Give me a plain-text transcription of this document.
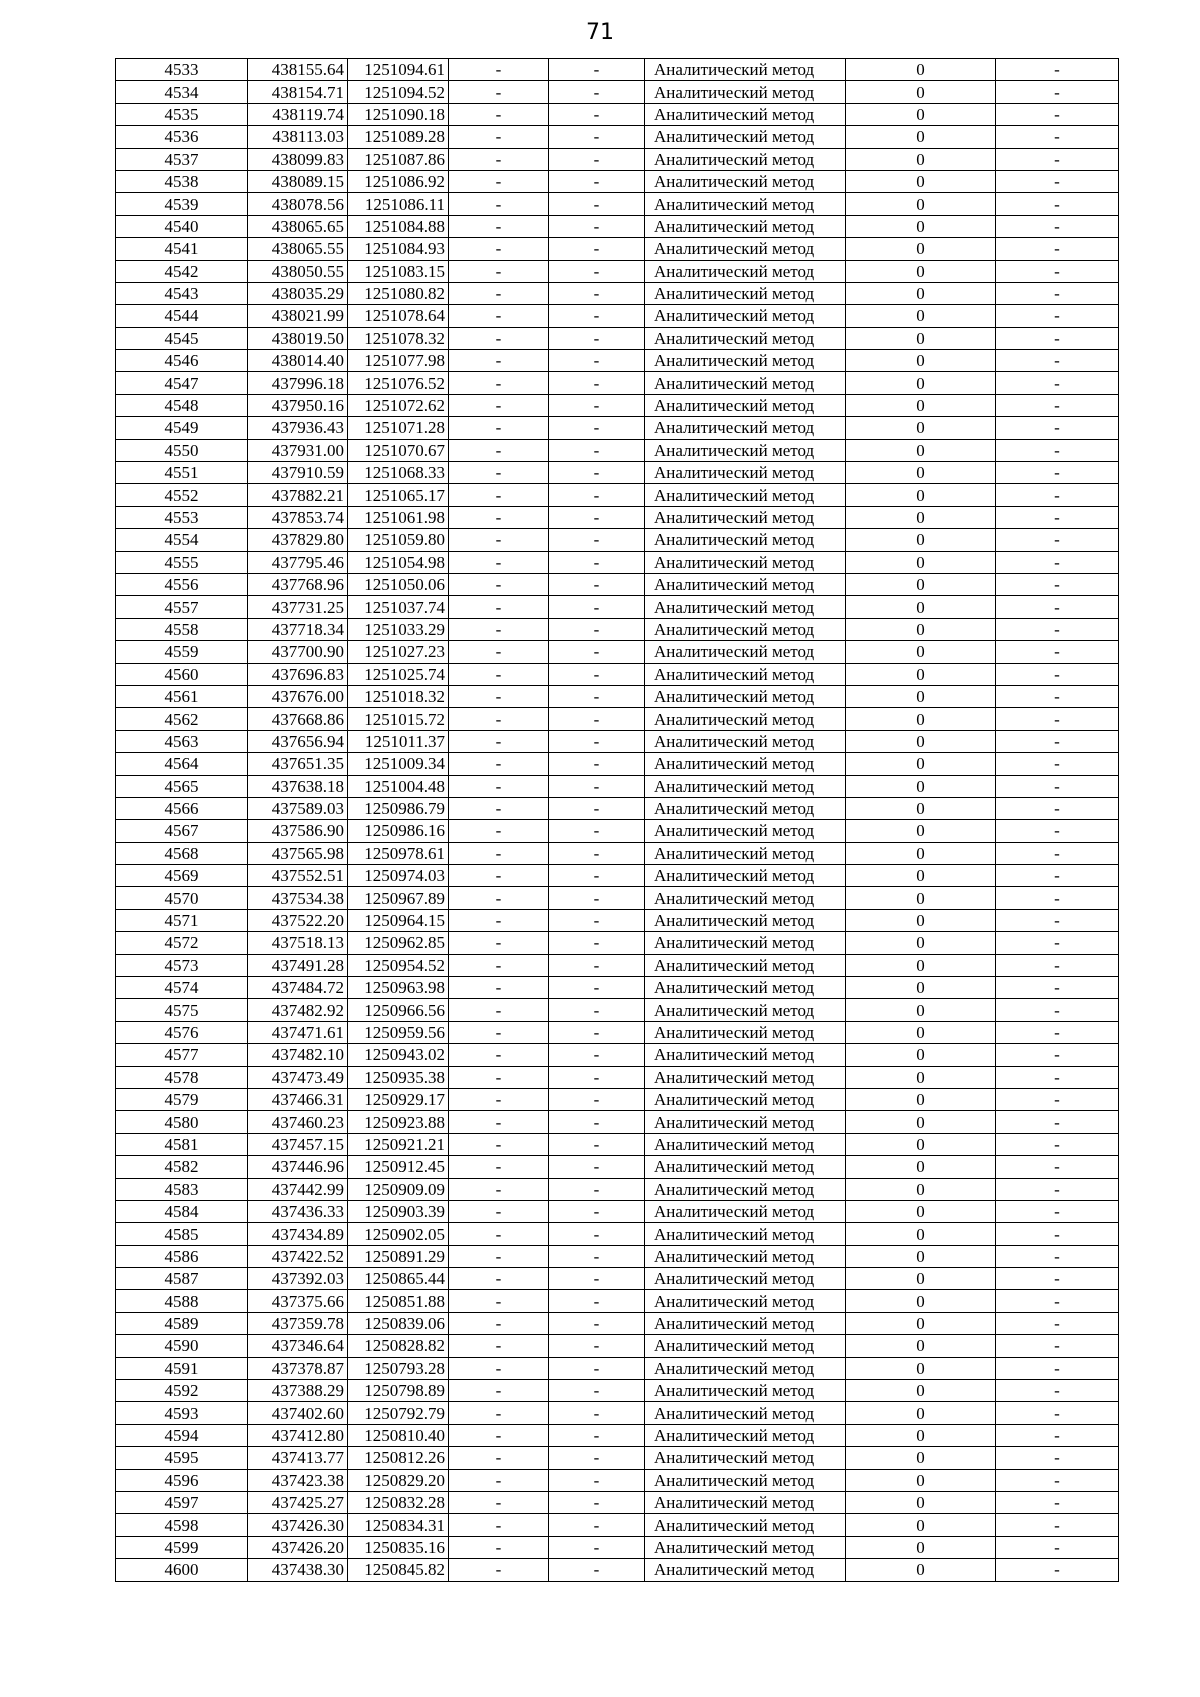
71
4533	438155.64	1251094.61	-	-	Аналитический метод	0	-
4534	438154.71	1251094.52	-	-	Аналитический метод	0	-
4535	438119.74	1251090.18	-	-	Аналитический метод	0	-
4536	438113.03	1251089.28	-	-	Аналитический метод	0	-
4537	438099.83	1251087.86	-	-	Аналитический метод	0	-
4538	438089.15	1251086.92	-	-	Аналитический метод	0	-
4539	438078.56	1251086.11	-	-	Аналитический метод	0	-
4540	438065.65	1251084.88	-	-	Аналитический метод	0	-
4541	438065.55	1251084.93	-	-	Аналитический метод	0	-
4542	438050.55	1251083.15	-	-	Аналитический метод	0	-
4543	438035.29	1251080.82	-	-	Аналитический метод	0	-
4544	438021.99	1251078.64	-	-	Аналитический метод	0	-
4545	438019.50	1251078.32	-	-	Аналитический метод	0	-
4546	438014.40	1251077.98	-	-	Аналитический метод	0	-
4547	437996.18	1251076.52	-	-	Аналитический метод	0	-
4548	437950.16	1251072.62	-	-	Аналитический метод	0	-
4549	437936.43	1251071.28	-	-	Аналитический метод	0	-
4550	437931.00	1251070.67	-	-	Аналитический метод	0	-
4551	437910.59	1251068.33	-	-	Аналитический метод	0	-
4552	437882.21	1251065.17	-	-	Аналитический метод	0	-
4553	437853.74	1251061.98	-	-	Аналитический метод	0	-
4554	437829.80	1251059.80	-	-	Аналитический метод	0	-
4555	437795.46	1251054.98	-	-	Аналитический метод	0	-
4556	437768.96	1251050.06	-	-	Аналитический метод	0	-
4557	437731.25	1251037.74	-	-	Аналитический метод	0	-
4558	437718.34	1251033.29	-	-	Аналитический метод	0	-
4559	437700.90	1251027.23	-	-	Аналитический метод	0	-
4560	437696.83	1251025.74	-	-	Аналитический метод	0	-
4561	437676.00	1251018.32	-	-	Аналитический метод	0	-
4562	437668.86	1251015.72	-	-	Аналитический метод	0	-
4563	437656.94	1251011.37	-	-	Аналитический метод	0	-
4564	437651.35	1251009.34	-	-	Аналитический метод	0	-
4565	437638.18	1251004.48	-	-	Аналитический метод	0	-
4566	437589.03	1250986.79	-	-	Аналитический метод	0	-
4567	437586.90	1250986.16	-	-	Аналитический метод	0	-
4568	437565.98	1250978.61	-	-	Аналитический метод	0	-
4569	437552.51	1250974.03	-	-	Аналитический метод	0	-
4570	437534.38	1250967.89	-	-	Аналитический метод	0	-
4571	437522.20	1250964.15	-	-	Аналитический метод	0	-
4572	437518.13	1250962.85	-	-	Аналитический метод	0	-
4573	437491.28	1250954.52	-	-	Аналитический метод	0	-
4574	437484.72	1250963.98	-	-	Аналитический метод	0	-
4575	437482.92	1250966.56	-	-	Аналитический метод	0	-
4576	437471.61	1250959.56	-	-	Аналитический метод	0	-
4577	437482.10	1250943.02	-	-	Аналитический метод	0	-
4578	437473.49	1250935.38	-	-	Аналитический метод	0	-
4579	437466.31	1250929.17	-	-	Аналитический метод	0	-
4580	437460.23	1250923.88	-	-	Аналитический метод	0	-
4581	437457.15	1250921.21	-	-	Аналитический метод	0	-
4582	437446.96	1250912.45	-	-	Аналитический метод	0	-
4583	437442.99	1250909.09	-	-	Аналитический метод	0	-
4584	437436.33	1250903.39	-	-	Аналитический метод	0	-
4585	437434.89	1250902.05	-	-	Аналитический метод	0	-
4586	437422.52	1250891.29	-	-	Аналитический метод	0	-
4587	437392.03	1250865.44	-	-	Аналитический метод	0	-
4588	437375.66	1250851.88	-	-	Аналитический метод	0	-
4589	437359.78	1250839.06	-	-	Аналитический метод	0	-
4590	437346.64	1250828.82	-	-	Аналитический метод	0	-
4591	437378.87	1250793.28	-	-	Аналитический метод	0	-
4592	437388.29	1250798.89	-	-	Аналитический метод	0	-
4593	437402.60	1250792.79	-	-	Аналитический метод	0	-
4594	437412.80	1250810.40	-	-	Аналитический метод	0	-
4595	437413.77	1250812.26	-	-	Аналитический метод	0	-
4596	437423.38	1250829.20	-	-	Аналитический метод	0	-
4597	437425.27	1250832.28	-	-	Аналитический метод	0	-
4598	437426.30	1250834.31	-	-	Аналитический метод	0	-
4599	437426.20	1250835.16	-	-	Аналитический метод	0	-
4600	437438.30	1250845.82	-	-	Аналитический метод	0	-
